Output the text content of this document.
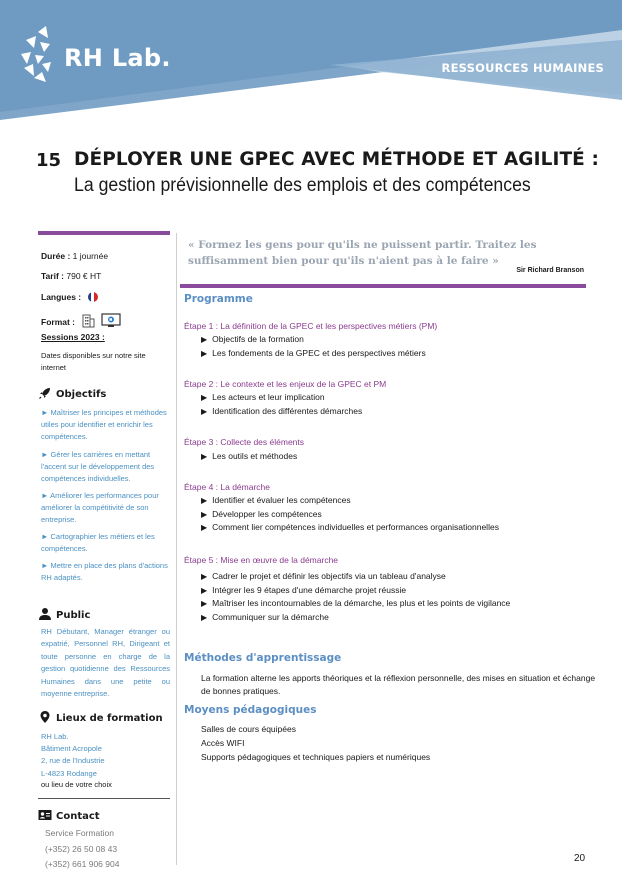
RH Lab.	RESSOURCES HUMAINES
15 DÉPLOYER UNE GPEC AVEC MÉTHODE ET AGILITÉ :
La gestion prévisionnelle des emplois et des compétences
Durée : 1 journée
Tarif : 790 € HT
Langues :
Format :
Sessions 2023 :
Dates disponibles sur notre site internet
Objectifs
► Maîtriser les principes et méthodes utiles pour identifier et enrichir les compétences.
► Gérer les carrières en mettant l'accent sur le développement des compétences individuelles.
► Améliorer les performances pour améliorer la compétitivité de son entreprise.
► Cartographier les métiers et les compétences.
► Mettre en place des plans d'actions RH adaptés.
Public
RH Débutant, Manager étranger ou expatrié, Personnel RH, Dirigeant et toute personne en charge de la gestion quotidienne des Ressources Humaines dans une petite ou moyenne entreprise.
Lieux de formation
RH Lab.
Bâtiment Acropole
2, rue de l'Industrie
L-4823 Rodange
ou lieu de votre choix
Contact
Service Formation
(+352) 26 50 08 43
(+352) 661 906 904
« Formez les gens pour qu'ils ne puissent partir. Traitez les suffisamment bien pour qu'ils n'aient pas à le faire »
Sir Richard Branson
Programme
Étape 1 : La définition de la GPEC et les perspectives métiers (PM)
▶ Objectifs de la formation
▶ Les fondements de la GPEC et des perspectives métiers
Étape 2 : Le contexte et les enjeux de la GPEC et PM
▶ Les acteurs et leur implication
▶ Identification des différentes démarches
Étape 3 : Collecte des éléments
▶ Les outils et méthodes
Étape 4 : La démarche
▶ Identifier et évaluer les compétences
▶ Développer les compétences
▶ Comment lier compétences individuelles et performances organisationnelles
Étape 5 : Mise en œuvre de la démarche
▶ Cadrer le projet et définir les objectifs via un tableau d'analyse
▶ Intégrer les 9 étapes d'une démarche projet réussie
▶ Maîtriser les incontournables de la démarche, les plus et les points de vigilance
▶ Communiquer sur la démarche
Méthodes d'apprentissage
La formation alterne les apports théoriques et la réflexion personnelle, des mises en situation et échange de bonnes pratiques.
Moyens pédagogiques
Salles de cours équipées
Accès WIFI
Supports pédagogiques et techniques papiers et numériques
20
